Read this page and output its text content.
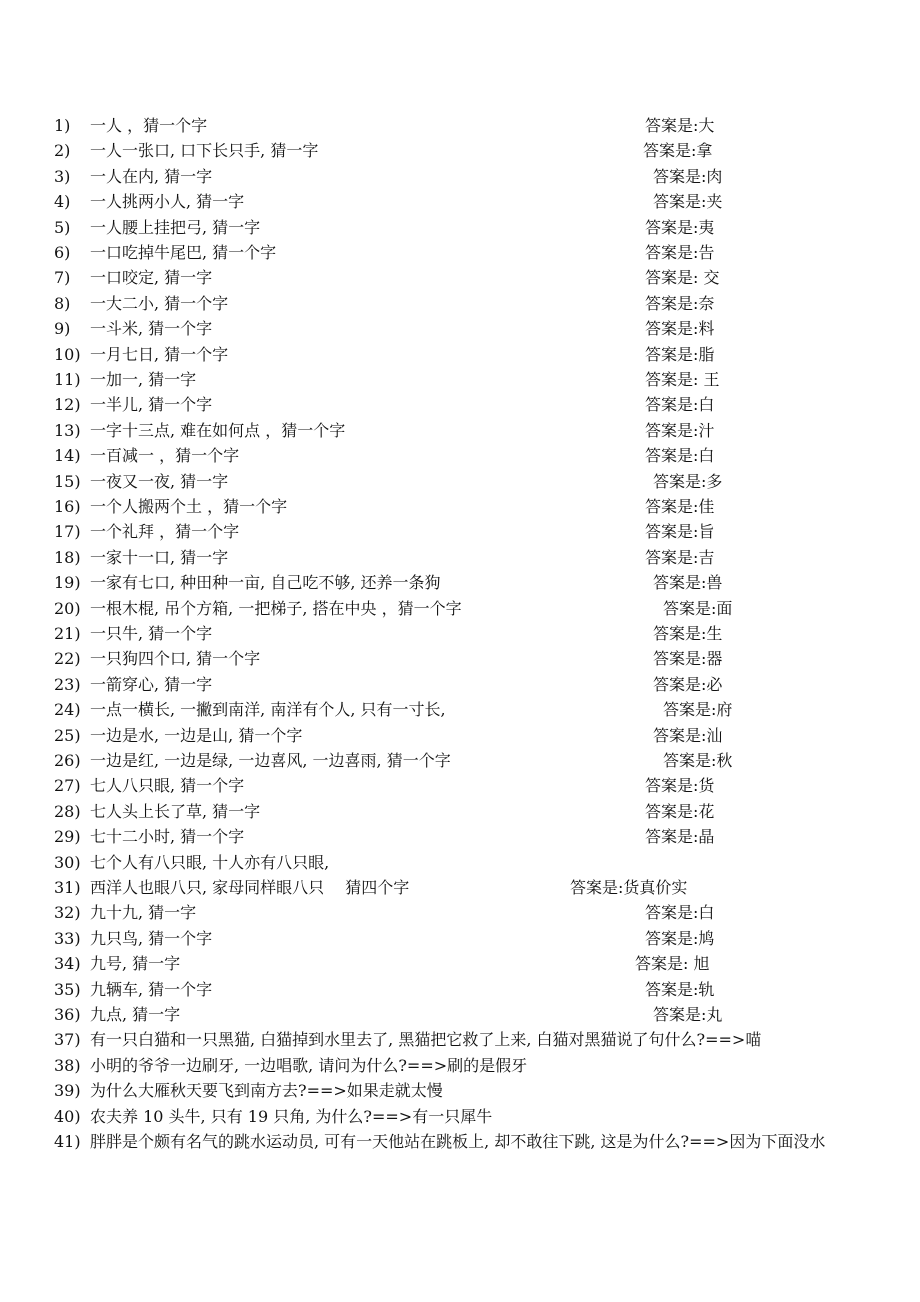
1) 一人 ，猜一个字	答案是:大
2) 一人一张口, 口下长只手, 猜一字	答案是:拿
3) 一人在内, 猜一字	答案是:肉
4) 一人挑两小人, 猜一字	答案是:夹
5) 一人腰上挂把弓, 猜一字	答案是:夷
6) 一口吃掉牛尾巴, 猜一个字	答案是:告
7) 一口咬定, 猜一字	答案是: 交
8) 一大二小, 猜一个字	答案是:奈
9) 一斗米, 猜一个字	答案是:料
10) 一月七日, 猜一个字	答案是:脂
11) 一加一, 猜一字	答案是: 王
12) 一半儿, 猜一个字	答案是:白
13) 一字十三点, 难在如何点 ，猜一个字	答案是:汁
14) 一百减一 ，猜一个字	答案是:白
15) 一夜又一夜, 猜一字	答案是:多
16) 一个人搬两个土 ，猜一个字	答案是:佳
17) 一个礼拜 ，猜一个字	答案是:旨
18) 一家十一口, 猜一字	答案是:吉
19) 一家有七口, 种田种一亩, 自己吃不够, 还养一条狗	答案是:兽
20) 一根木棍, 吊个方箱, 一把梯子, 搭在中央 ，猜一个字	答案是:面
21) 一只牛, 猜一个字	答案是:生
22) 一只狗四个口, 猜一个字	答案是:器
23) 一箭穿心, 猜一字	答案是:必
24) 一点一横长, 一撇到南洋, 南洋有个人, 只有一寸长,	答案是:府
25) 一边是水, 一边是山, 猜一个字	答案是:汕
26) 一边是红, 一边是绿, 一边喜风, 一边喜雨, 猜一个字	答案是:秋
27) 七人八只眼, 猜一个字	答案是:货
28) 七人头上长了草, 猜一字	答案是:花
29) 七十二小时, 猜一个字	答案是:晶
30) 七个人有八只眼, 十人亦有八只眼,
31) 西洋人也眼八只, 家母同样眼八只　 猜四个字	答案是:货真价实
32) 九十九, 猜一字	答案是:白
33) 九只鸟, 猜一个字	答案是:鸠
34) 九号, 猜一字	答案是: 旭
35) 九辆车, 猜一个字	答案是:轨
36) 九点, 猜一字	答案是:丸
37) 有一只白猫和一只黑猫, 白猫掉到水里去了, 黑猫把它救了上来, 白猫对黑猫说了句什么?==>喵
38) 小明的爷爷一边刷牙, 一边唱歌, 请问为什么?==>刷的是假牙
39) 为什么大雁秋天要飞到南方去?==>如果走就太慢
40) 农夫养 10 头牛, 只有 19 只角, 为什么?==>有一只犀牛
41) 胖胖是个颇有名气的跳水运动员, 可有一天他站在跳板上, 却不敢往下跳, 这是为什么?==>因为下面没水
